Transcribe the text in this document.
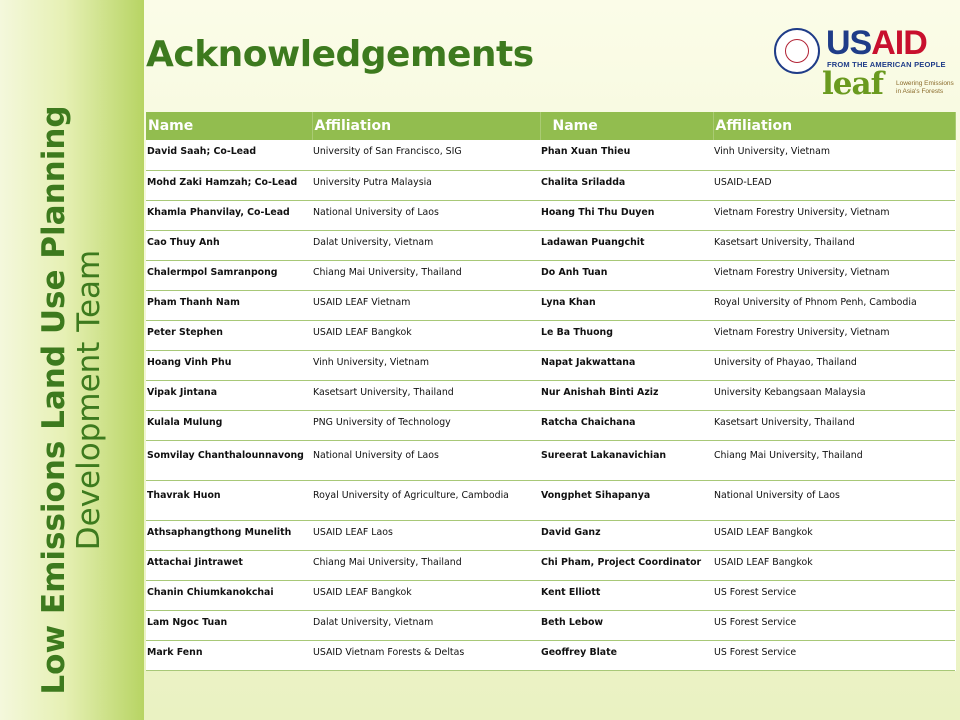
Low Emissions Land Use Planning Development Team
Acknowledgements	USAID
FROM THE AMERICAN PEOPLE
leaf Lowering Emissions in Asia's Forests
Name	Affiliation	Name	Affiliation
David Saah; Co-Lead	University of San Francisco, SIG	Phan Xuan Thieu	Vinh University, Vietnam
Mohd Zaki Hamzah; Co-Lead	University Putra Malaysia	Chalita Sriladda	USAID-LEAD
Khamla Phanvilay, Co-Lead	National University of Laos	Hoang Thi Thu Duyen	Vietnam Forestry University, Vietnam
Cao Thuy Anh	Dalat University, Vietnam	Ladawan Puangchit	Kasetsart University, Thailand
Chalermpol Samranpong	Chiang Mai University, Thailand	Do Anh Tuan	Vietnam Forestry University, Vietnam
Pham Thanh Nam	USAID LEAF Vietnam	Lyna Khan	Royal University of Phnom Penh, Cambodia
Peter Stephen	USAID LEAF Bangkok	Le Ba Thuong	Vietnam Forestry University, Vietnam
Hoang Vinh Phu	Vinh University, Vietnam	Napat Jakwattana	University of Phayao, Thailand
Vipak Jintana	Kasetsart University, Thailand	Nur Anishah Binti Aziz	University Kebangsaan Malaysia
Kulala Mulung	PNG University of Technology	Ratcha Chaichana	Kasetsart University, Thailand
Somvilay Chanthalounnavong	National University of Laos	Sureerat Lakanavichian	Chiang Mai University, Thailand
Thavrak Huon	Royal University of Agriculture, Cambodia	Vongphet Sihapanya	National University of Laos
Athsaphangthong Munelith	USAID LEAF Laos	David Ganz	USAID LEAF Bangkok
Attachai Jintrawet	Chiang Mai University, Thailand	Chi Pham, Project Coordinator	USAID LEAF Bangkok
Chanin Chiumkanokchai	USAID LEAF Bangkok	Kent Elliott	US Forest Service
Lam Ngoc Tuan	Dalat University, Vietnam	Beth Lebow	US Forest Service
Mark Fenn	USAID Vietnam Forests & Deltas	Geoffrey Blate	US Forest Service
